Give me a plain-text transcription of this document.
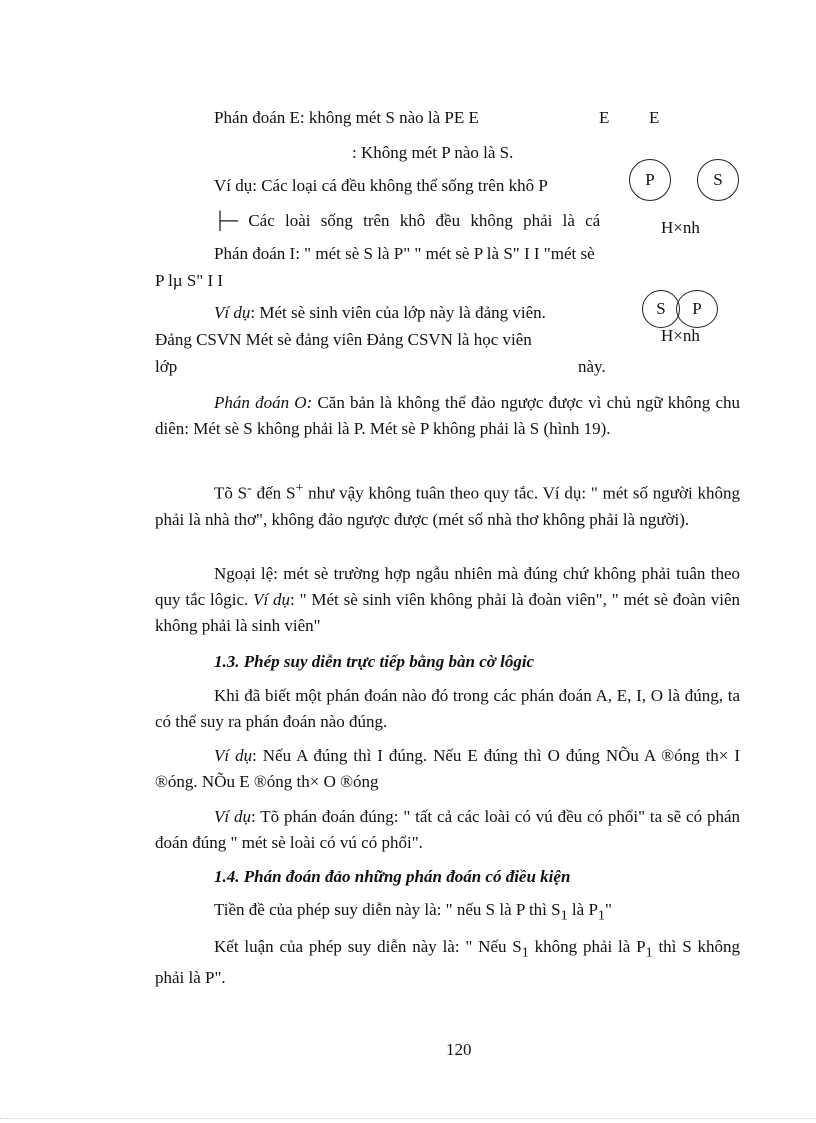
Phán đoán E: không mét S nào là PE E	E E
: Không mét P nào là S.
Ví dụ: Các loại cá đều không thể sống trên khô P
├─ Các loài sống trên khô đều không phải là cá
P	S
H×nh
Phán đoán I: " mét sè S là P" " mét sè P là S" I I "mét sè
P lµ S" I I
Ví dụ: Mét sè sinh viên của lớp này là đảng viên.
Đảng CSVN Mét sè đảng viên Đảng CSVN là học viên
lớp	này.
S	P
H×nh
Phán đoán O: Căn bản là không thể đảo ngược được vì chủ ngữ không chu diên: Mét sè S không phải là P. Mét sè P không phải là S (hình 19).
Tõ S- đến S+ như vậy không tuân theo quy tắc. Ví dụ: " mét số người không phải là nhà thơ", không đảo ngược được (mét số nhà thơ không phải là người).
Ngoại lệ: mét sè trường hợp ngẫu nhiên mà đúng chứ không phải tuân theo quy tắc lôgic. Ví dụ: " Mét sè sinh viên không phải là đoàn viên", " mét sè đoàn viên không phải là sinh viên"
1.3. Phép suy diễn trực tiếp bằng bàn cờ lôgic
Khi đã biết một phán đoán nào đó trong các phán đoán A, E, I, O là đúng, ta có thể suy ra phán đoán nào đúng.
Ví dụ: Nếu A đúng thì I đúng. Nếu E đúng thì O đúng NÕu A ®óng th× I ®óng. NÕu E ®óng th× O ®óng
Ví dụ: Tõ phán đoán đúng: " tất cả các loài có vú đều có phổi" ta sẽ có phán đoán đúng " mét sè loài có vú có phổi".
1.4. Phán đoán đảo những phán đoán có điều kiện
Tiền đề của phép suy diễn này là: " nếu S là P thì $S_1$ là $P_1$"
Kết luận của phép suy diễn này là: " Nếu $S_1$ không phải là $P_1$ thì S không phải là P".
120
